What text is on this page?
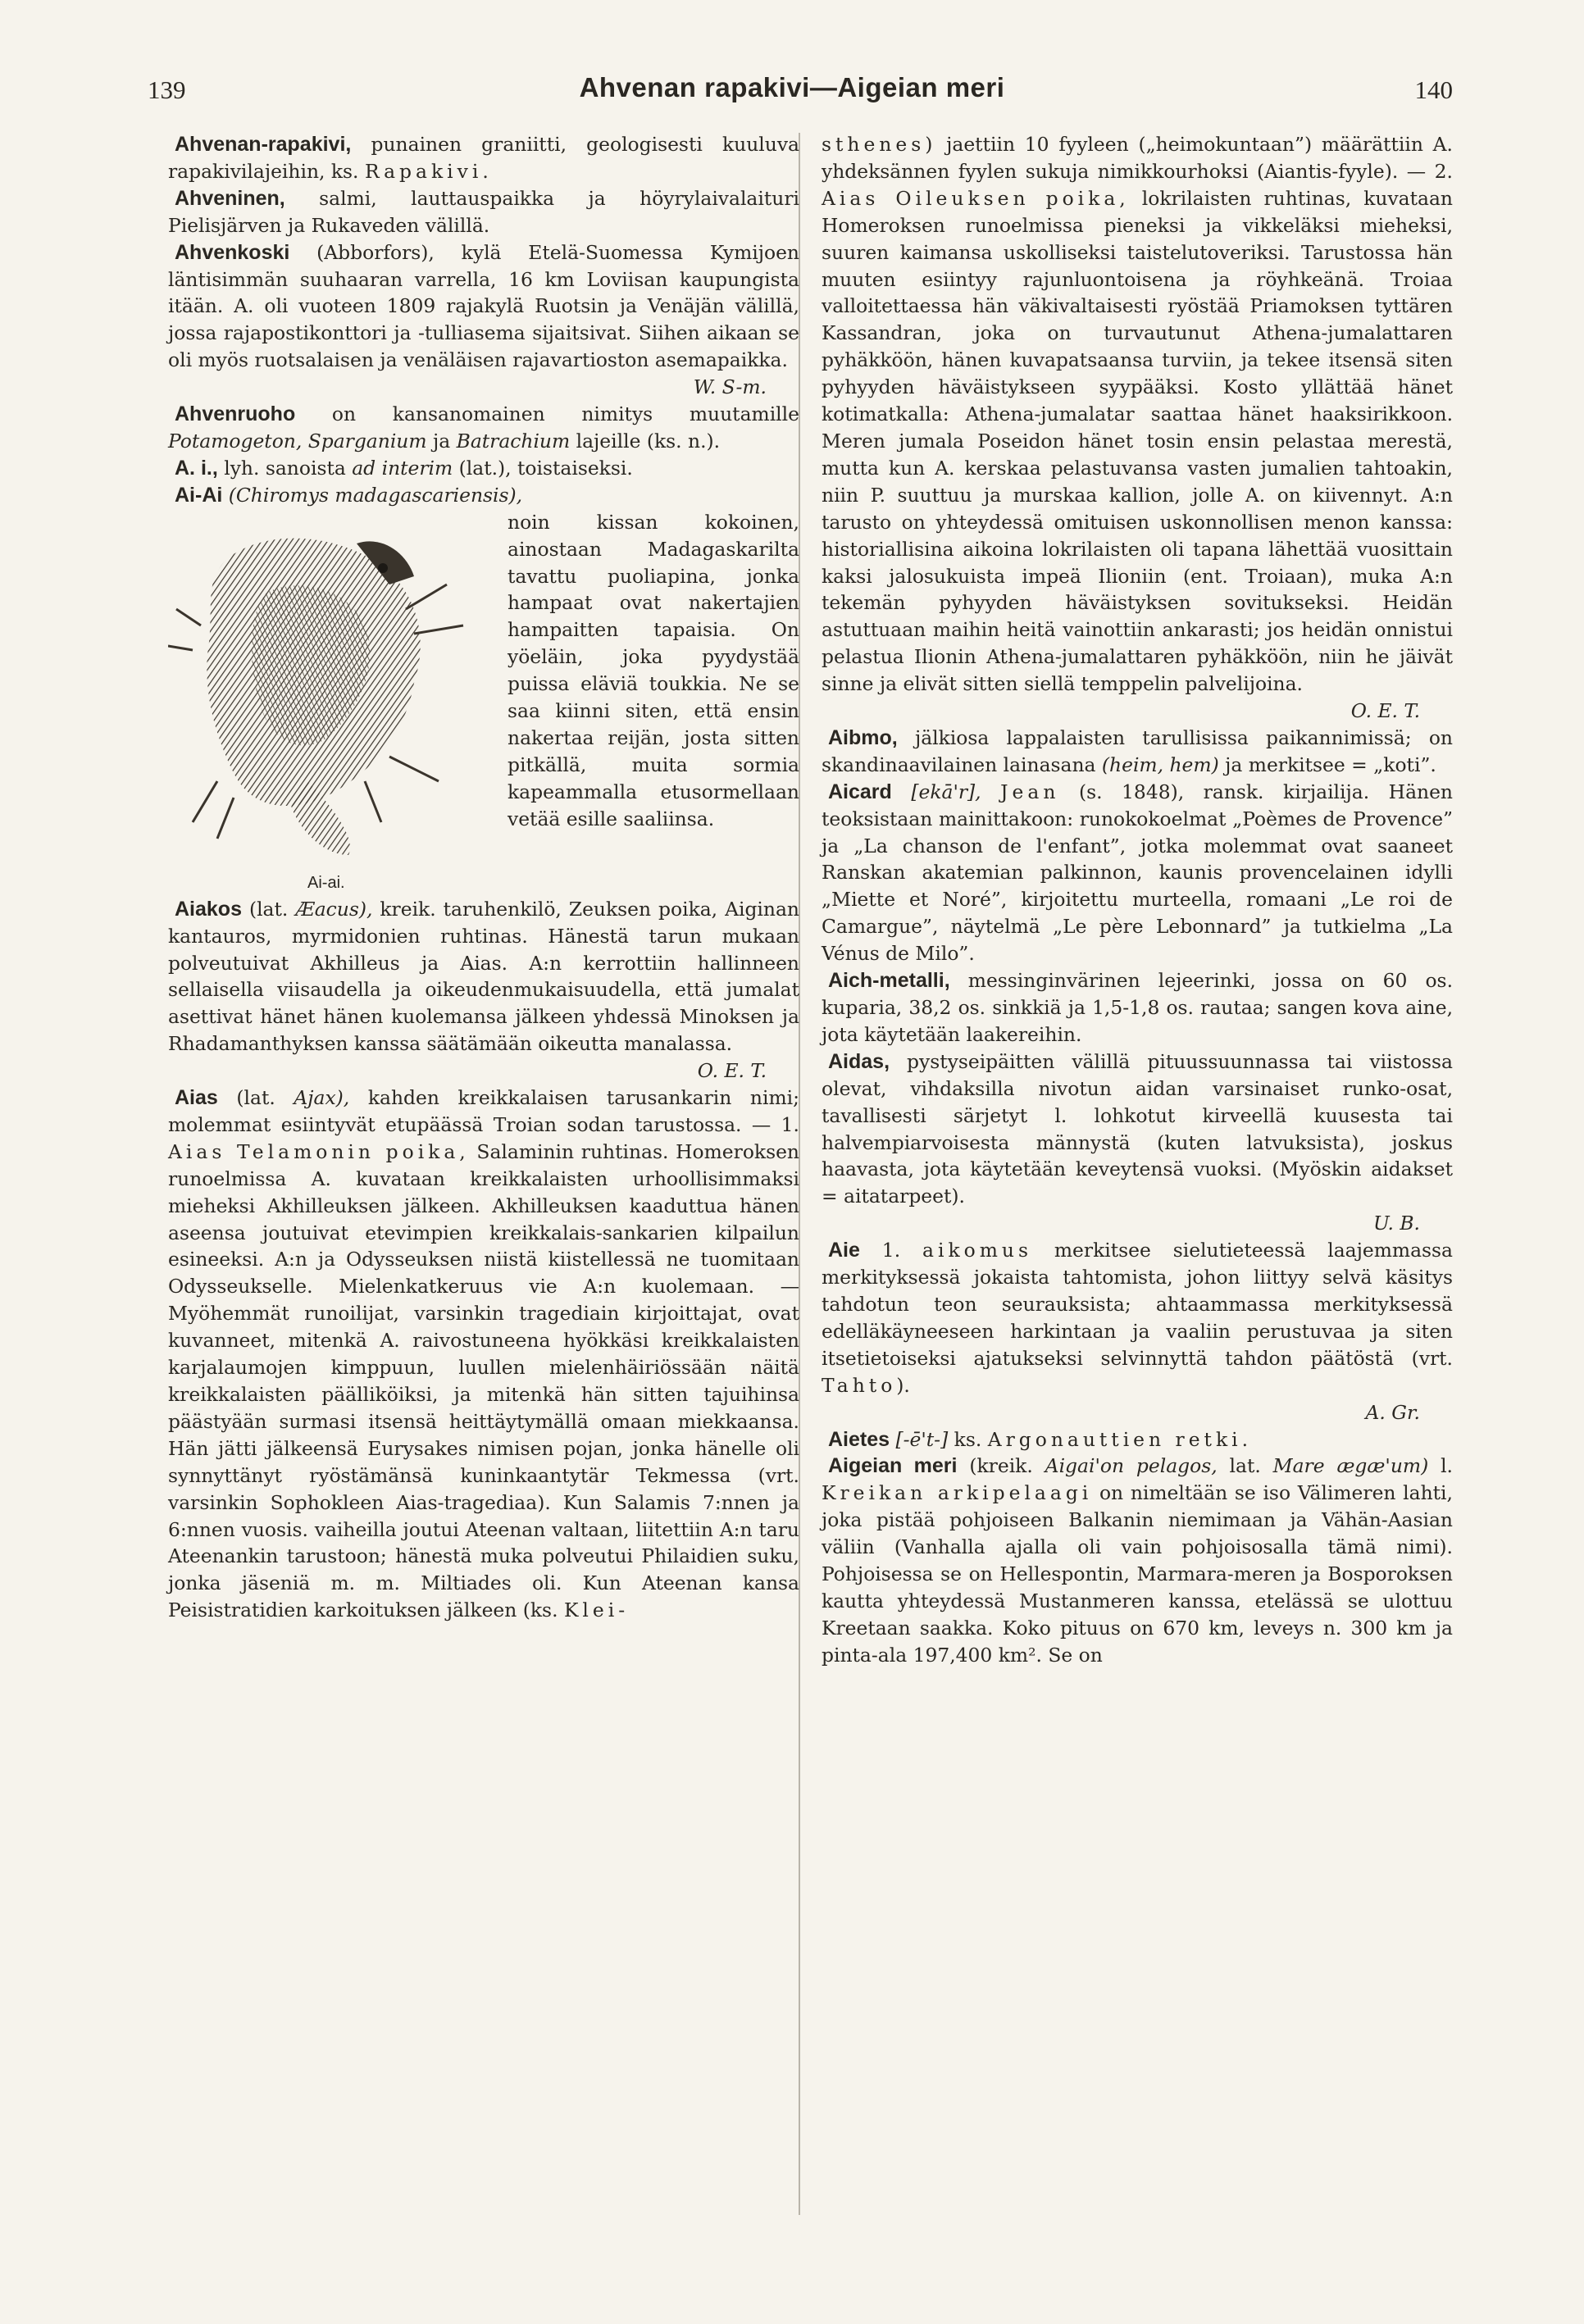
139	Ahvenan rapakivi—Aigeian meri	140

Ahvenan-rapakivi, punainen graniitti, geologisesti kuuluva rapakivilajeihin, ks. Rapakivi.

Ahveninen, salmi, lauttauspaikka ja höyrylaivalaituri Pielisjärven ja Rukaveden välillä.

Ahvenkoski (Abborfors), kylä Etelä-Suomessa Kymijoen läntisimmän suuhaaran varrella, 16 km Loviisan kaupungista itään. A. oli vuoteen 1809 rajakylä Ruotsin ja Venäjän välillä, jossa rajapostikonttori ja -tulliasema sijaitsivat. Siihen aikaan se oli myös ruotsalaisen ja venäläisen rajavartioston asemapaikka.

W. S-m.

Ahvenruoho on kansanomainen nimitys muutamille Potamogeton, Sparganium ja Batrachium lajeille (ks. n.).

A. i., lyh. sanoista ad interim (lat.), toistaiseksi.

Ai-Ai (Chiromys madagascariensis),

Ai-ai.

noin kissan kokoinen, ainostaan Madagaskarilta tavattu puoliapina, jonka hampaat ovat nakertajien hampaitten tapaisia. On yöeläin, joka pyydystää puissa eläviä toukkia. Ne se saa kiinni siten, että ensin nakertaa reijän, josta sitten pitkällä, muita sormia kapeammalla etusormellaan vetää esille saaliinsa.

Aiakos (lat. Æacus), kreik. taruhenkilö, Zeuksen poika, Aiginan kantauros, myrmidonien ruhtinas. Hänestä tarun mukaan polveutuivat Akhilleus ja Aias. A:n kerrottiin hallinneen sellaisella viisaudella ja oikeudenmukaisuudella, että jumalat asettivat hänet hänen kuolemansa jälkeen yhdessä Minoksen ja Rhadamanthyksen kanssa säätämään oikeutta manalassa.

O. E. T.

Aias (lat. Ajax), kahden kreikkalaisen tarusankarin nimi; molemmat esiintyvät etupäässä Troian sodan tarustossa. — 1. Aias Telamonin poika, Salaminin ruhtinas. Homeroksen runoelmissa A. kuvataan kreikkalaisten urhoollisimmaksi mieheksi Akhilleuksen jälkeen. Akhilleuksen kaaduttua hänen aseensa joutuivat etevimpien kreikkalais-sankarien kilpailun esineeksi. A:n ja Odysseuksen niistä kiistellessä ne tuomitaan Odysseukselle. Mielenkatkeruus vie A:n kuolemaan. — Myöhemmät runoilijat, varsinkin tragediain kirjoittajat, ovat kuvanneet, mitenkä A. raivostuneena hyökkäsi kreikkalaisten karjalaumojen kimppuun, luullen mielenhäiriössään näitä kreikkalaisten päälliköiksi, ja mitenkä hän sitten tajuihinsa päästyään surmasi itsensä heittäytymällä omaan miekkaansa. Hän jätti jälkeensä Eurysakes nimisen pojan, jonka hänelle oli synnyttänyt ryöstämänsä kuninkaantytär Tekmessa (vrt. varsinkin Sophokleen Aias-tragediaa). Kun Salamis 7:nnen ja 6:nnen vuosis. vaiheilla joutui Ateenan valtaan, liitettiin A:n taru Ateenankin tarustoon; hänestä muka polveutui Philaidien suku, jonka jäseniä m. m. Miltiades oli. Kun Ateenan kansa Peisistratidien karkoituksen jälkeen (ks. Klei-

sthenes) jaettiin 10 fyyleen („heimokuntaan”) määrättiin A. yhdeksännen fyylen sukuja nimikkourhoksi (Aiantis-fyyle). — 2. Aias Oileuksen poika, lokrilaisten ruhtinas, kuvataan Homeroksen runoelmissa pieneksi ja vikkeläksi mieheksi, suuren kaimansa uskolliseksi taistelutoveriksi. Tarustossa hän muuten esiintyy rajunluontoisena ja röyhkeänä. Troiaa valloitettaessa hän väkivaltaisesti ryöstää Priamoksen tyttären Kassandran, joka on turvautunut Athena-jumalattaren pyhäkköön, hänen kuvapatsaansa turviin, ja tekee itsensä siten pyhyyden häväistykseen syypääksi. Kosto yllättää hänet kotimatkalla: Athena-jumalatar saattaa hänet haaksirikkoon. Meren jumala Poseidon hänet tosin ensin pelastaa merestä, mutta kun A. kerskaa pelastuvansa vasten jumalien tahtoakin, niin P. suuttuu ja murskaa kallion, jolle A. on kiivennyt. A:n tarusto on yhteydessä omituisen uskonnollisen menon kanssa: historiallisina aikoina lokrilaisten oli tapana lähettää vuosittain kaksi jalosukuista impeä Ilioniin (ent. Troiaan), muka A:n tekemän pyhyyden häväistyksen sovitukseksi. Heidän astuttuaan maihin heitä vainottiin ankarasti; jos heidän onnistui pelastua Ilionin Athena-jumalattaren pyhäkköön, niin he jäivät sinne ja elivät sitten siellä temppelin palvelijoina.

O. E. T.

Aibmo, jälkiosa lappalaisten tarullisissa paikannimissä; on skandinaavilainen lainasana (heim, hem) ja merkitsee = „koti”.

Aicard [ekā'r], Jean (s. 1848), ransk. kirjailija. Hänen teoksistaan mainittakoon: runokokoelmat „Poèmes de Provence” ja „La chanson de l'enfant”, jotka molemmat ovat saaneet Ranskan akatemian palkinnon, kaunis provencelainen idylli „Miette et Noré”, kirjoitettu murteella, romaani „Le roi de Camargue”, näytelmä „Le père Lebonnard” ja tutkielma „La Vénus de Milo”.

Aich-metalli, messinginvärinen lejeerinki, jossa on 60 os. kuparia, 38,2 os. sinkkiä ja 1,5-1,8 os. rautaa; sangen kova aine, jota käytetään laakereihin.

Aidas, pystyseipäitten välillä pituussuunnassa tai viistossa olevat, vihdaksilla nivotun aidan varsinaiset runko-osat, tavallisesti särjetyt l. lohkotut kirveellä kuusesta tai halvempiarvoisesta männystä (kuten latvuksista), joskus haavasta, jota käytetään keveytensä vuoksi. (Myöskin aidakset = aitatarpeet).

U. B.

Aie 1. aikomus merkitsee sielutieteessä laajemmassa merkityksessä jokaista tahtomista, johon liittyy selvä käsitys tahdotun teon seurauksista; ahtaammassa merkityksessä edelläkäyneeseen harkintaan ja vaaliin perustuvaa ja siten itsetietoiseksi ajatukseksi selvinnyttä tahdon päätöstä (vrt. Tahto).

A. Gr.

Aietes [-ē't-] ks. Argonauttien retki.

Aigeian meri (kreik. Aigai'on pelagos, lat. Mare ægæ'um) l. Kreikan arkipelaagi on nimeltään se iso Välimeren lahti, joka pistää pohjoiseen Balkanin niemimaan ja Vähän-Aasian väliin (Vanhalla ajalla oli vain pohjoisosalla tämä nimi). Pohjoisessa se on Hellespontin, Marmara-meren ja Bosporoksen kautta yhteydessä Mustanmeren kanssa, etelässä se ulottuu Kreetaan saakka. Koko pituus on 670 km, leveys n. 300 km ja pinta-ala 197,400 km². Se on
